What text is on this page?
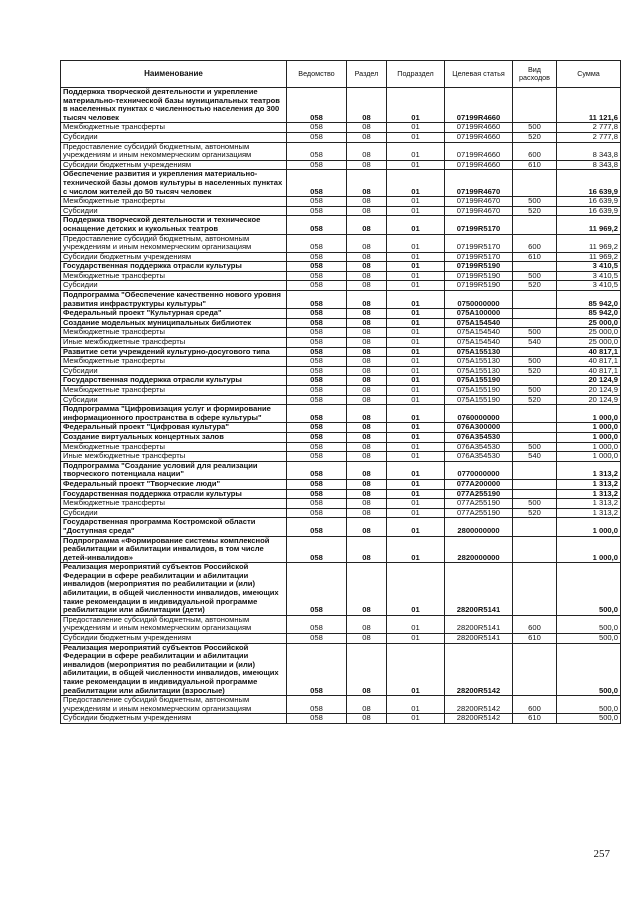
Наименование	Ведомство	Раздел	Подраздел	Целевая статья	Вид расходов	Сумма
Поддержка творческой деятельности и укрепление материально-технической базы муниципальных театров в населенных пунктах с численностью населения до 300 тысяч человек	058	08	01	07199R4660		11 121,6
Межбюджетные трансферты	058	08	01	07199R4660	500	2 777,8
Субсидии	058	08	01	07199R4660	520	2 777,8
Предоставление субсидий бюджетным, автономным учреждениям и иным некоммерческим организациям	058	08	01	07199R4660	600	8 343,8
Субсидии бюджетным учреждениям	058	08	01	07199R4660	610	8 343,8
Обеспечение развития и укрепления материально-технической базы домов культуры в населенных пунктах с числом жителей до 50 тысяч человек	058	08	01	07199R4670		16 639,9
Межбюджетные трансферты	058	08	01	07199R4670	500	16 639,9
Субсидии	058	08	01	07199R4670	520	16 639,9
Поддержка творческой деятельности и техническое оснащение детских и кукольных театров	058	08	01	07199R5170		11 969,2
Предоставление субсидий бюджетным, автономным учреждениям и иным некоммерческим организациям	058	08	01	07199R5170	600	11 969,2
Субсидии бюджетным учреждениям	058	08	01	07199R5170	610	11 969,2
Государственная поддержка отрасли культуры	058	08	01	07199R5190		3 410,5
Межбюджетные трансферты	058	08	01	07199R5190	500	3 410,5
Субсидии	058	08	01	07199R5190	520	3 410,5
Подпрограмма "Обеспечение качественно нового уровня развития инфраструктуры культуры"	058	08	01	0750000000		85 942,0
Федеральный проект "Культурная среда"	058	08	01	075A100000		85 942,0
Создание модельных муниципальных библиотек	058	08	01	075A154540		25 000,0
Межбюджетные трансферты	058	08	01	075A154540	500	25 000,0
Иные межбюджетные трансферты	058	08	01	075A154540	540	25 000,0
Развитие сети учреждений культурно-досугового типа	058	08	01	075A155130		40 817,1
Межбюджетные трансферты	058	08	01	075A155130	500	40 817,1
Субсидии	058	08	01	075A155130	520	40 817,1
Государственная поддержка отрасли культуры	058	08	01	075A155190		20 124,9
Межбюджетные трансферты	058	08	01	075A155190	500	20 124,9
Субсидии	058	08	01	075A155190	520	20 124,9
Подпрограмма "Цифровизация услуг и формирование информационного пространства в сфере культуры"	058	08	01	0760000000		1 000,0
Федеральный проект "Цифровая культура"	058	08	01	076A300000		1 000,0
Создание виртуальных концертных залов	058	08	01	076A354530		1 000,0
Межбюджетные трансферты	058	08	01	076A354530	500	1 000,0
Иные межбюджетные трансферты	058	08	01	076A354530	540	1 000,0
Подпрограмма "Создание условий для реализации творческого потенциала нации"	058	08	01	0770000000		1 313,2
Федеральный проект "Творческие люди"	058	08	01	077A200000		1 313,2
Государственная поддержка отрасли культуры	058	08	01	077A255190		1 313,2
Межбюджетные трансферты	058	08	01	077A255190	500	1 313,2
Субсидии	058	08	01	077A255190	520	1 313,2
Государственная программа Костромской области "Доступная среда"	058	08	01	2800000000		1 000,0
Подпрограмма «Формирование системы комплексной реабилитации и абилитации инвалидов, в том числе детей-инвалидов»	058	08	01	2820000000		1 000,0
Реализация мероприятий субъектов Российской Федерации в сфере реабилитации и абилитации инвалидов (мероприятия по реабилитации и (или) абилитации, в общей численности инвалидов, имеющих такие рекомендации в индивидуальной программе реабилитации или абилитации (дети)	058	08	01	28200R5141		500,0
Предоставление субсидий бюджетным, автономным учреждениям и иным некоммерческим организациям	058	08	01	28200R5141	600	500,0
Субсидии бюджетным учреждениям	058	08	01	28200R5141	610	500,0
Реализация мероприятий субъектов Российской Федерации в сфере реабилитации и абилитации инвалидов (мероприятия по реабилитации и (или) абилитации, в общей численности инвалидов, имеющих такие рекомендации в индивидуальной программе реабилитации или абилитации (взрослые)	058	08	01	28200R5142		500,0
Предоставление субсидий бюджетным, автономным учреждениям и иным некоммерческим организациям	058	08	01	28200R5142	600	500,0
Субсидии бюджетным учреждениям	058	08	01	28200R5142	610	500,0
257
